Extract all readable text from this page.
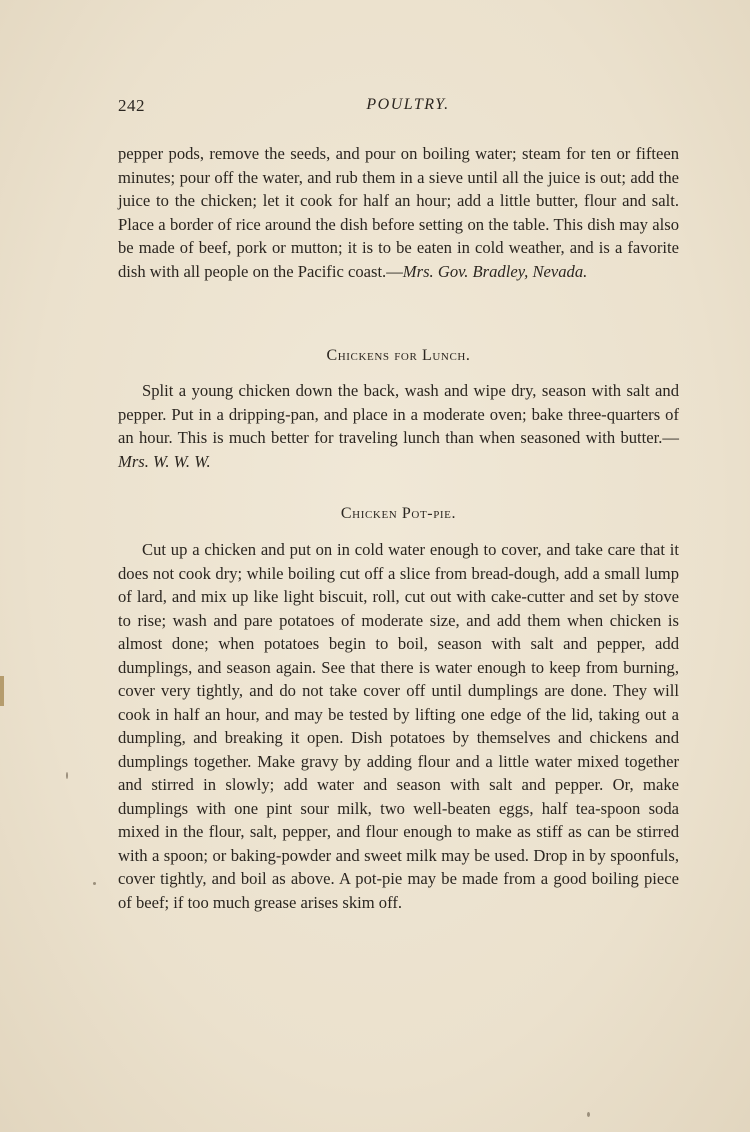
242	POULTRY.

pepper pods, remove the seeds, and pour on boiling water; steam for ten or fifteen minutes; pour off the water, and rub them in a sieve until all the juice is out; add the juice to the chicken; let it cook for half an hour; add a little butter, flour and salt. Place a border of rice around the dish before setting on the table. This dish may also be made of beef, pork or mutton; it is to be eaten in cold weather, and is a favorite dish with all people on the Pacific coast.—Mrs. Gov. Bradley, Nevada.

Chickens for Lunch.

Split a young chicken down the back, wash and wipe dry, season with salt and pepper. Put in a dripping-pan, and place in a moderate oven; bake three-quarters of an hour. This is much better for traveling lunch than when seasoned with butter.—Mrs. W. W. W.

Chicken Pot-pie.

Cut up a chicken and put on in cold water enough to cover, and take care that it does not cook dry; while boiling cut off a slice from bread-dough, add a small lump of lard, and mix up like light biscuit, roll, cut out with cake-cutter and set by stove to rise; wash and pare potatoes of moderate size, and add them when chicken is almost done; when potatoes begin to boil, season with salt and pepper, add dumplings, and season again. See that there is water enough to keep from burning, cover very tightly, and do not take cover off until dumplings are done. They will cook in half an hour, and may be tested by lifting one edge of the lid, taking out a dumpling, and breaking it open. Dish potatoes by themselves and chickens and dumplings together. Make gravy by adding flour and a little water mixed together and stirred in slowly; add water and season with salt and pepper. Or, make dumplings with one pint sour milk, two well-beaten eggs, half tea-spoon soda mixed in the flour, salt, pepper, and flour enough to make as stiff as can be stirred with a spoon; or baking-powder and sweet milk may be used. Drop in by spoonfuls, cover tightly, and boil as above. A pot-pie may be made from a good boiling piece of beef; if too much grease arises skim off.
